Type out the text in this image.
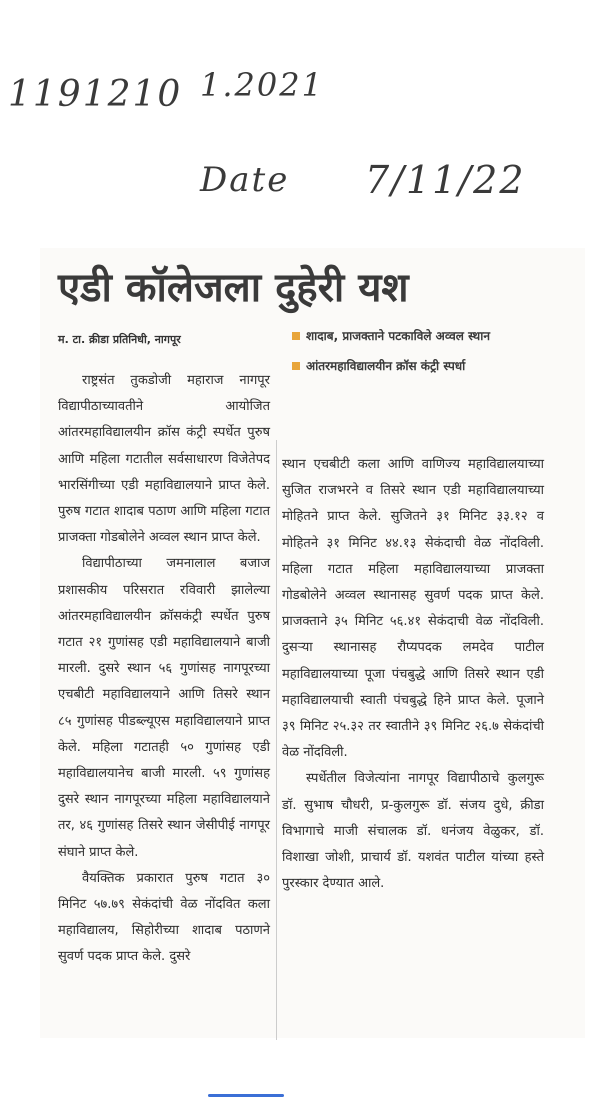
1191210 1.2021
Date 7/11/22
एडी कॉलेजला दुहेरी यश
म. टा. क्रीडा प्रतिनिधी, नागपूर	शादाब, प्राजक्ताने पटकाविले अव्वल स्थान
आंतरमहाविद्यालयीन क्रॉस कंट्री स्पर्धा

राष्ट्रसंत तुकडोजी महाराज नागपूर विद्यापीठाच्यावतीने आयोजित आंतरमहाविद्यालयीन क्रॉस कंट्री स्पर्धेत पुरुष आणि महिला गटातील सर्वसाधारण विजेतेपद भारसिंगीच्या एडी महाविद्यालयाने प्राप्त केले. पुरुष गटात शादाब पठाण आणि महिला गटात प्राजक्ता गोडबोलेने अव्वल स्थान प्राप्त केले.

विद्यापीठाच्या जमनालाल बजाज प्रशासकीय परिसरात रविवारी झालेल्या आंतरमहाविद्यालयीन क्रॉसकंट्री स्पर्धेत पुरुष गटात २१ गुणांसह एडी महाविद्यालयाने बाजी मारली. दुसरे स्थान ५६ गुणांसह नागपूरच्या एचबीटी महाविद्यालयाने आणि तिसरे स्थान ८५ गुणांसह पीडब्ल्यूएस महाविद्यालयाने प्राप्त केले. महिला गटातही ५० गुणांसह एडी महाविद्यालयानेच बाजी मारली. ५९ गुणांसह दुसरे स्थान नागपूरच्या महिला महाविद्यालयाने तर, ४६ गुणांसह तिसरे स्थान जेसीपीई नागपूर संघाने प्राप्त केले.

वैयक्तिक प्रकारात पुरुष गटात ३० मिनिट ५७.७९ सेकंदांची वेळ नोंदवित कला महाविद्यालय, सिहोरीच्या शादाब पठाणने सुवर्ण पदक प्राप्त केले. दुसरे

स्थान एचबीटी कला आणि वाणिज्य महाविद्यालयाच्या सुजित राजभरने व तिसरे स्थान एडी महाविद्यालयाच्या मोहितने प्राप्त केले. सुजितने ३१ मिनिट ३३.१२ व मोहितने ३१ मिनिट ४४.१३ सेकंदाची वेळ नोंदविली. महिला गटात महिला महाविद्यालयाच्या प्राजक्ता गोडबोलेने अव्वल स्थानासह सुवर्ण पदक प्राप्त केले. प्राजक्ताने ३५ मिनिट ५६.४१ सेकंदाची वेळ नोंदविली. दुसऱ्या स्थानासह रौप्यपदक लमदेव पाटील महाविद्यालयाच्या पूजा पंचबुद्धे आणि तिसरे स्थान एडी महाविद्यालयाची स्वाती पंचबुद्धे हिने प्राप्त केले. पूजाने ३९ मिनिट २५.३२ तर स्वातीने ३९ मिनिट २६.७ सेकंदांची वेळ नोंदविली.

स्पर्धेतील विजेत्यांना नागपूर विद्यापीठाचे कुलगुरू डॉ. सुभाष चौधरी, प्र-कुलगुरू डॉ. संजय दुधे, क्रीडा विभागाचे माजी संचालक डॉ. धनंजय वेळुकर, डॉ. विशाखा जोशी, प्राचार्य डॉ. यशवंत पाटील यांच्या हस्ते पुरस्कार देण्यात आले.
